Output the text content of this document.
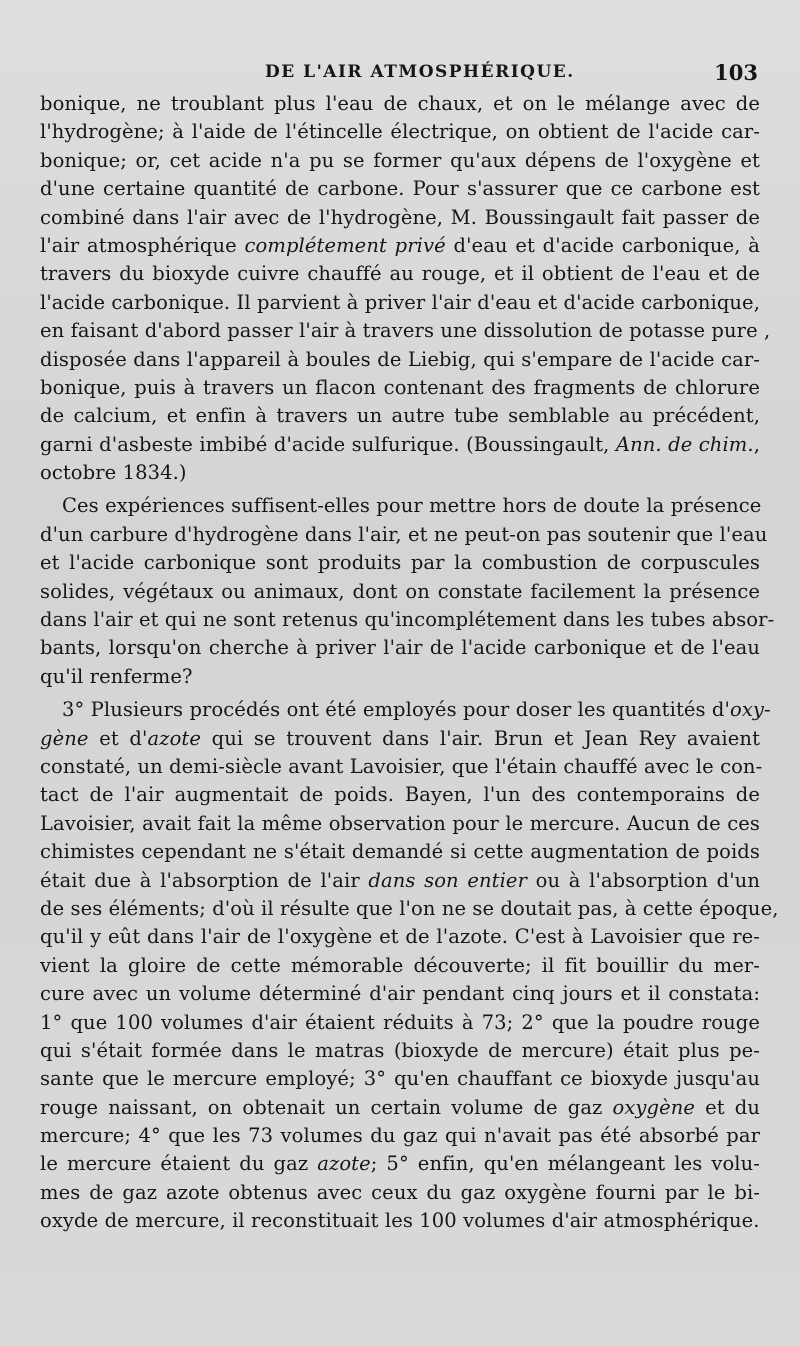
DE L'AIR ATMOSPHÉRIQUE.	103
bonique, ne troublant plus l'eau de chaux, et on le mélange avec de
l'hydrogène; à l'aide de l'étincelle électrique, on obtient de l'acide car-
bonique; or, cet acide n'a pu se former qu'aux dépens de l'oxygène et
d'une certaine quantité de carbone. Pour s'assurer que ce carbone est
combiné dans l'air avec de l'hydrogène, M. Boussingault fait passer de
l'air atmosphérique complétement privé d'eau et d'acide carbonique, à
travers du bioxyde cuivre chauffé au rouge, et il obtient de l'eau et de
l'acide carbonique. Il parvient à priver l'air d'eau et d'acide carbonique,
en faisant d'abord passer l'air à travers une dissolution de potasse pure ,
disposée dans l'appareil à boules de Liebig, qui s'empare de l'acide car-
bonique, puis à travers un flacon contenant des fragments de chlorure
de calcium, et enfin à travers un autre tube semblable au précédent,
garni d'asbeste imbibé d'acide sulfurique. (Boussingault, Ann. de chim.,
octobre 1834.)
Ces expériences suffisent-elles pour mettre hors de doute la présence
d'un carbure d'hydrogène dans l'air, et ne peut-on pas soutenir que l'eau
et l'acide carbonique sont produits par la combustion de corpuscules
solides, végétaux ou animaux, dont on constate facilement la présence
dans l'air et qui ne sont retenus qu'incomplétement dans les tubes absor-
bants, lorsqu'on cherche à priver l'air de l'acide carbonique et de l'eau
qu'il renferme?
3° Plusieurs procédés ont été employés pour doser les quantités d'oxy-
gène et d'azote qui se trouvent dans l'air. Brun et Jean Rey avaient
constaté, un demi-siècle avant Lavoisier, que l'étain chauffé avec le con-
tact de l'air augmentait de poids. Bayen, l'un des contemporains de
Lavoisier, avait fait la même observation pour le mercure. Aucun de ces
chimistes cependant ne s'était demandé si cette augmentation de poids
était due à l'absorption de l'air dans son entier ou à l'absorption d'un
de ses éléments; d'où il résulte que l'on ne se doutait pas, à cette époque,
qu'il y eût dans l'air de l'oxygène et de l'azote. C'est à Lavoisier que re-
vient la gloire de cette mémorable découverte; il fit bouillir du mer-
cure avec un volume déterminé d'air pendant cinq jours et il constata:
1° que 100 volumes d'air étaient réduits à 73; 2° que la poudre rouge
qui s'était formée dans le matras (bioxyde de mercure) était plus pe-
sante que le mercure employé; 3° qu'en chauffant ce bioxyde jusqu'au
rouge naissant, on obtenait un certain volume de gaz oxygène et du
mercure; 4° que les 73 volumes du gaz qui n'avait pas été absorbé par
le mercure étaient du gaz azote; 5° enfin, qu'en mélangeant les volu-
mes de gaz azote obtenus avec ceux du gaz oxygène fourni par le bi-
oxyde de mercure, il reconstituait les 100 volumes d'air atmosphérique.
